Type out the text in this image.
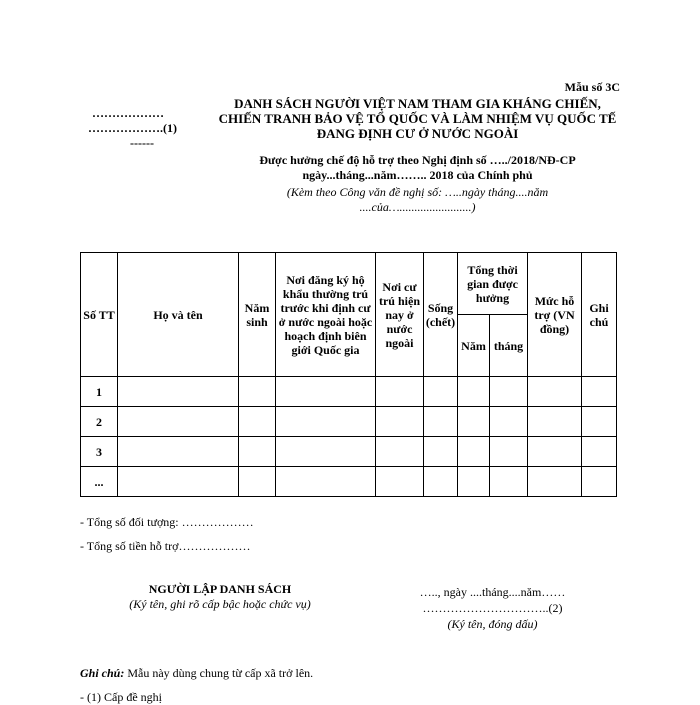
Mẫu số 3C
………………
……………….(1)
------
DANH SÁCH NGƯỜI VIỆT NAM THAM GIA KHÁNG CHIẾN, CHIẾN TRANH BẢO VỆ TỔ QUỐC VÀ LÀM NHIỆM VỤ QUỐC TẾ ĐANG ĐỊNH CƯ Ở NƯỚC NGOÀI
Được hưởng chế độ hỗ trợ theo Nghị định số …../2018/NĐ-CP
ngày...tháng...năm…….. 2018 của Chính phủ
(Kèm theo Công văn đề nghị số: …..ngày tháng....năm ....của…........................)
Số TT	Họ và tên	Năm sinh	Nơi đăng ký hộ khẩu thường trú trước khi định cư ở nước ngoài hoặc hoạch định biên giới Quốc gia	Nơi cư trú hiện nay ở nước ngoài	Sống (chết)	Tổng thời gian được hưởng		Mức hỗ trợ (VN đồng)	Ghi chú
						Năm	tháng		
1									
2									
3									
...									
- Tổng số đối tượng: ………………
- Tổng số tiền hỗ trợ………………
NGƯỜI LẬP DANH SÁCH
(Ký tên, ghi rõ cấp bậc hoặc chức vụ)
….., ngày ....tháng....năm……
…………………………..(2)
(Ký tên, đóng dấu)
Ghi chú: Mẫu này dùng chung từ cấp xã trở lên.
- (1) Cấp đề nghị
